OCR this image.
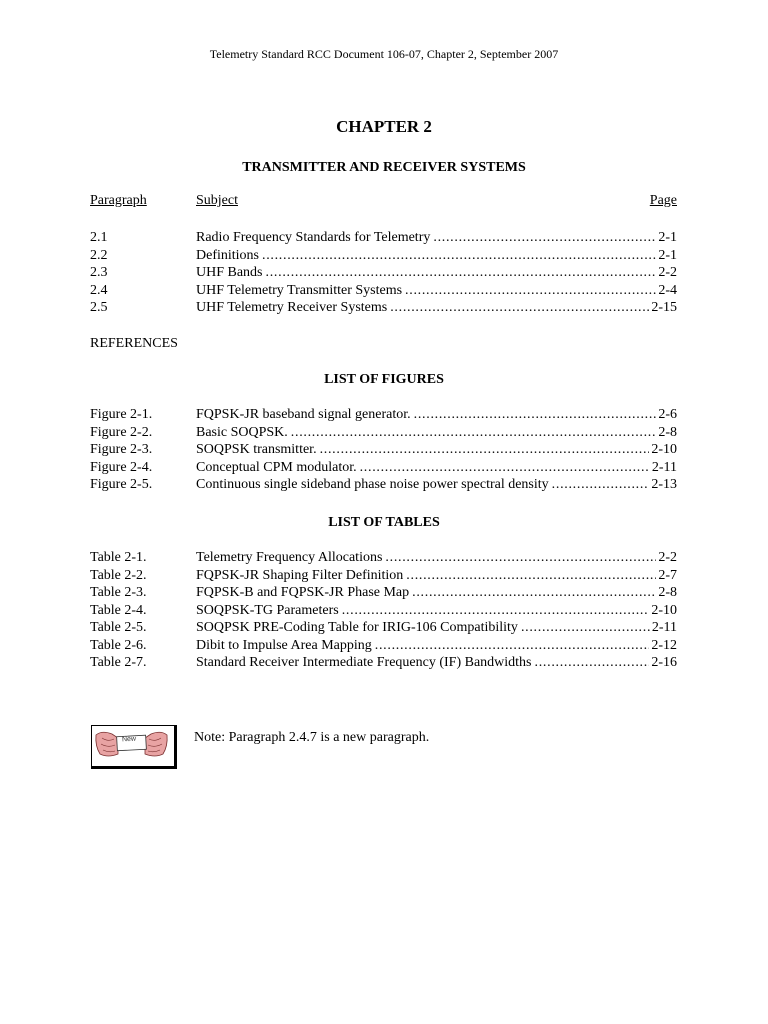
Telemetry Standard RCC Document 106-07, Chapter 2, September 2007
CHAPTER 2
TRANSMITTER AND RECEIVER SYSTEMS
Paragraph	Subject	Page
2.1	Radio Frequency Standards for Telemetry . . .	2-1
2.2	Definitions . . .	2-1
2.3	UHF Bands . . .	2-2
2.4	UHF Telemetry Transmitter Systems . . .	2-4
2.5	UHF Telemetry Receiver Systems . . .	2-15
REFERENCES
LIST OF FIGURES
Figure 2-1.	FQPSK-JR baseband signal generator. . . .	2-6
Figure 2-2.	Basic SOQPSK. . . .	2-8
Figure 2-3.	SOQPSK transmitter. . . .	2-10
Figure 2-4.	Conceptual CPM modulator. . . .	2-11
Figure 2-5.	Continuous single sideband phase noise power spectral density . . .	2-13
LIST OF TABLES
Table 2-1.	Telemetry Frequency Allocations . . .	2-2
Table 2-2.	FQPSK-JR Shaping Filter Definition . . .	2-7
Table 2-3.	FQPSK-B and FQPSK-JR Phase Map . . .	2-8
Table 2-4.	SOQPSK-TG Parameters . . .	2-10
Table 2-5.	SOQPSK PRE-Coding Table for IRIG-106 Compatibility . . .	2-11
Table 2-6.	Dibit to Impulse Area Mapping . . .	2-12
Table 2-7.	Standard Receiver Intermediate Frequency (IF) Bandwidths . . .	2-16
New	Note: Paragraph 2.4.7 is a new paragraph.
